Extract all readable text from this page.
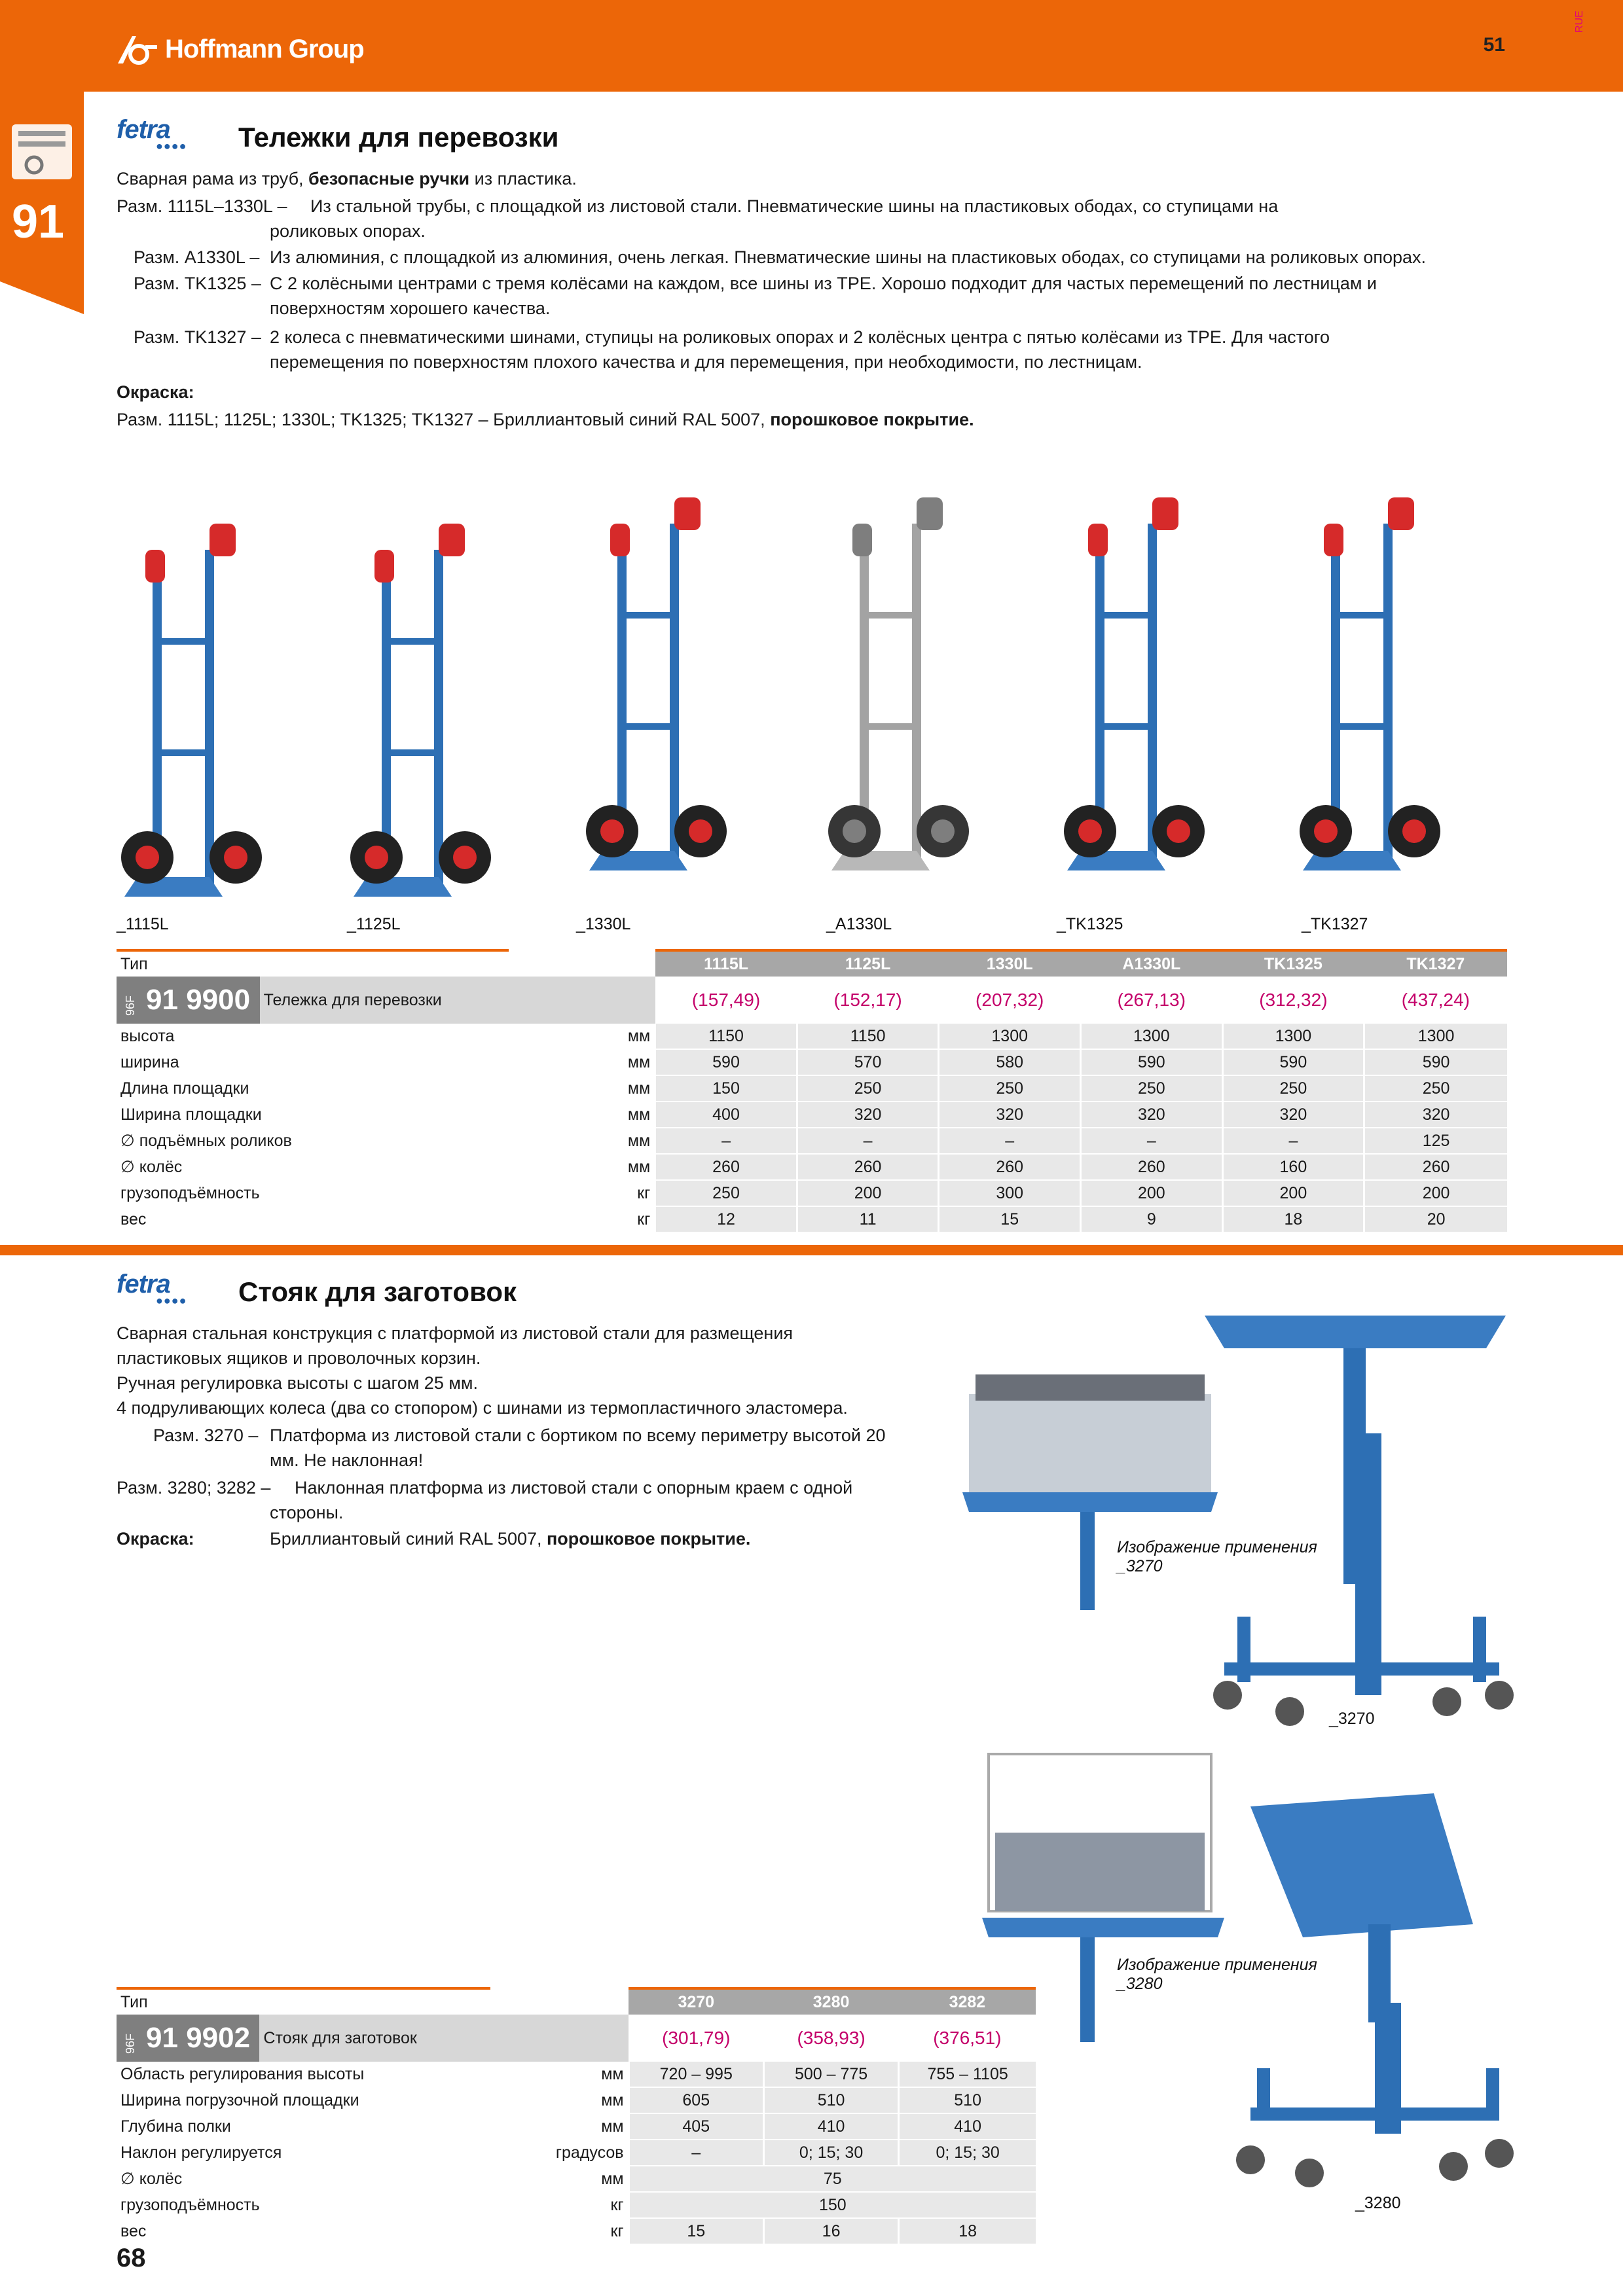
Hoffmann Group	51
RUE
91
fetra
●●●● Тележки для перевозки
Сварная рама из труб, безопасные ручки из пластика.
Разм. 1115L–1330L – Из стальной трубы, с площадкой из листовой стали. Пневматические шины на пластиковых ободах, со ступицами на
роликовых опорах.
Разм. A1330L – Из алюминия, с площадкой из алюминия, очень легкая. Пневматические шины на пластиковых ободах, со ступицами на роликовых опорах.
Разм. TK1325 – С 2 колёсными центрами с тремя колёсами на каждом, все шины из TPE. Хорошо подходит для частых перемещений по лестницам и
поверхностям хорошего качества.
Разм. TK1327 – 2 колеса с пневматическими шинами, ступицы на роликовых опорах и 2 колёсных центра с пятью колёсами из TPE. Для частого
перемещения по поверхностям плохого качества и для перемещения, при необходимости, по лестницам.
Окраска:
Разм. 1115L; 1125L; 1330L; TK1325; TK1327 – Бриллиантовый синий RAL 5007, порошковое покрытие.
_1115L	_1125L	_1330L	_A1330L	_TK1325	_TK1327
Тип			1115L	1125L	1330L	A1330L	TK1325	TK1327
96F 91 9900	Тележка для перевозки		(157,49)	(152,17)	(207,32)	(267,13)	(312,32)	(437,24)
высота		мм	1150	1150	1300	1300	1300	1300
ширина		мм	590	570	580	590	590	590
Длина площадки		мм	150	250	250	250	250	250
Ширина площадки		мм	400	320	320	320	320	320
∅ подъёмных роликов		мм	–	–	–	–	–	125
∅ колёс		мм	260	260	260	260	160	260
грузоподъёмность		кг	250	200	300	200	200	200
вес		кг	12	11	15	9	18	20
fetra
●●●● Стояк для заготовок
Сварная стальная конструкция с платформой из листовой стали для размещения
пластиковых ящиков и проволочных корзин.
Ручная регулировка высоты с шагом 25 мм.
4 подруливающих колеса (два со стопором) с шинами из термопластичного эластомера.
Разм. 3270 – Платформа из листовой стали с бортиком по всему периметру высотой 20
мм. Не наклонная!
Разм. 3280; 3282 – Наклонная платформа из листовой стали с опорным краем с одной
стороны.
Окраска:	Бриллиантовый синий RAL 5007, порошковое покрытие.	Изображение применения
_3270
_3270
Изображение применения
_3280
_3280
Тип			3270	3280	3282
96F 91 9902	Стояк для заготовок		(301,79)	(358,93)	(376,51)
Область регулирования высоты		мм	720 – 995	500 – 775	755 – 1105
Ширина погрузочной площадки		мм	605	510	510
Глубина полки		мм	405	410	410
Наклон регулируется		градусов	–	0; 15; 30	0; 15; 30
∅ колёс		мм	75		
грузоподъёмность		кг	150		
вес		кг	15	16	18
68
